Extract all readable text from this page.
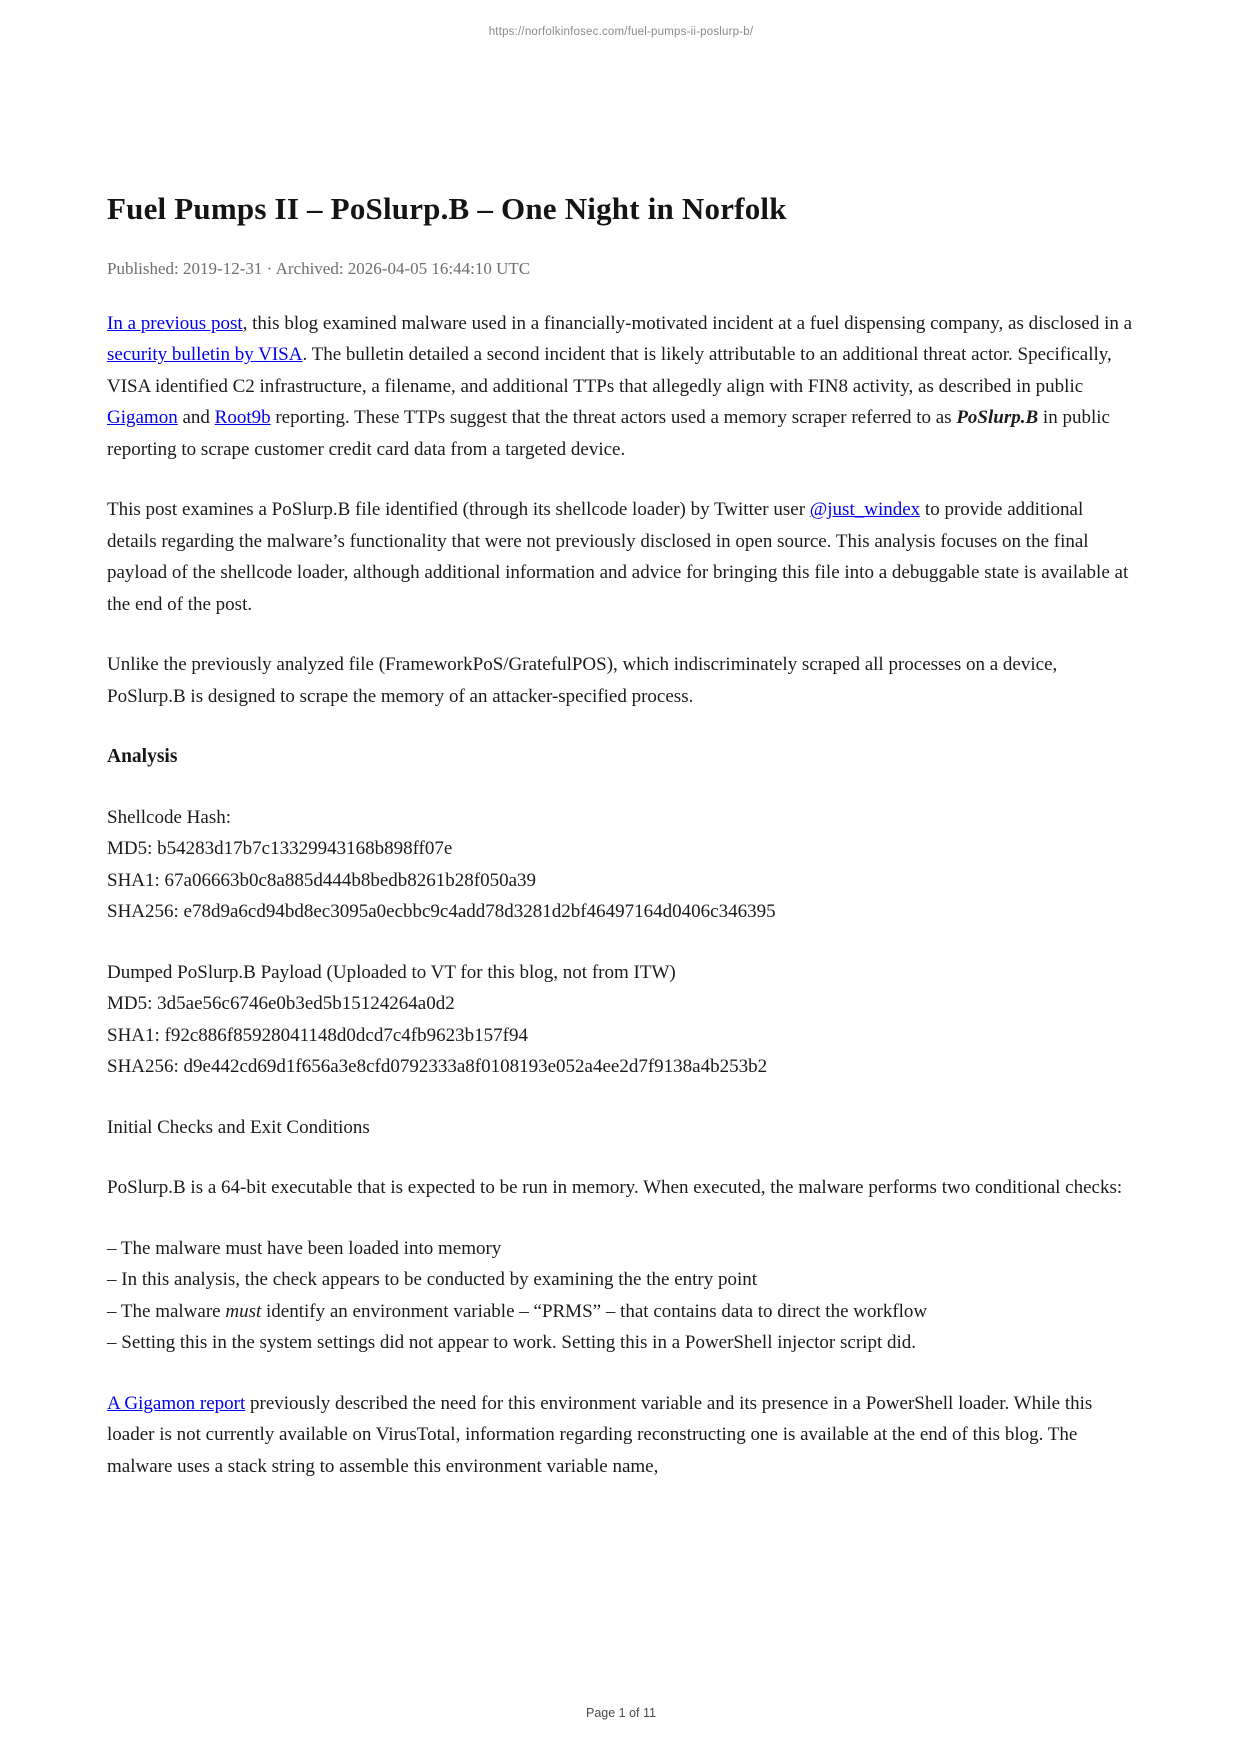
https://norfolkinfosec.com/fuel-pumps-ii-poslurp-b/
Fuel Pumps II – PoSlurp.B – One Night in Norfolk
Published: 2019-12-31 · Archived: 2026-04-05 16:44:10 UTC

In a previous post, this blog examined malware used in a financially-motivated incident at a fuel dispensing company, as disclosed in a security bulletin by VISA. The bulletin detailed a second incident that is likely attributable to an additional threat actor. Specifically, VISA identified C2 infrastructure, a filename, and additional TTPs that allegedly align with FIN8 activity, as described in public Gigamon and Root9b reporting. These TTPs suggest that the threat actors used a memory scraper referred to as PoSlurp.B in public reporting to scrape customer credit card data from a targeted device.

This post examines a PoSlurp.B file identified (through its shellcode loader) by Twitter user @just_windex to provide additional details regarding the malware’s functionality that were not previously disclosed in open source. This analysis focuses on the final payload of the shellcode loader, although additional information and advice for bringing this file into a debuggable state is available at the end of the post.

Unlike the previously analyzed file (FrameworkPoS/GratefulPOS), which indiscriminately scraped all processes on a device, PoSlurp.B is designed to scrape the memory of an attacker-specified process.

Analysis

Shellcode Hash:
MD5: b54283d17b7c13329943168b898ff07e
SHA1: 67a06663b0c8a885d444b8bedb8261b28f050a39
SHA256: e78d9a6cd94bd8ec3095a0ecbbc9c4add78d3281d2bf46497164d0406c346395

Dumped PoSlurp.B Payload (Uploaded to VT for this blog, not from ITW)
MD5: 3d5ae56c6746e0b3ed5b15124264a0d2
SHA1: f92c886f85928041148d0dcd7c4fb9623b157f94
SHA256: d9e442cd69d1f656a3e8cfd0792333a8f0108193e052a4ee2d7f9138a4b253b2

Initial Checks and Exit Conditions

PoSlurp.B is a 64-bit executable that is expected to be run in memory. When executed, the malware performs two conditional checks:

– The malware must have been loaded into memory
– In this analysis, the check appears to be conducted by examining the the entry point
– The malware must identify an environment variable – “PRMS” – that contains data to direct the workflow
– Setting this in the system settings did not appear to work. Setting this in a PowerShell injector script did.

A Gigamon report previously described the need for this environment variable and its presence in a PowerShell loader. While this loader is not currently available on VirusTotal, information regarding reconstructing one is available at the end of this blog. The malware uses a stack string to assemble this environment variable name,

Page 1 of 11
